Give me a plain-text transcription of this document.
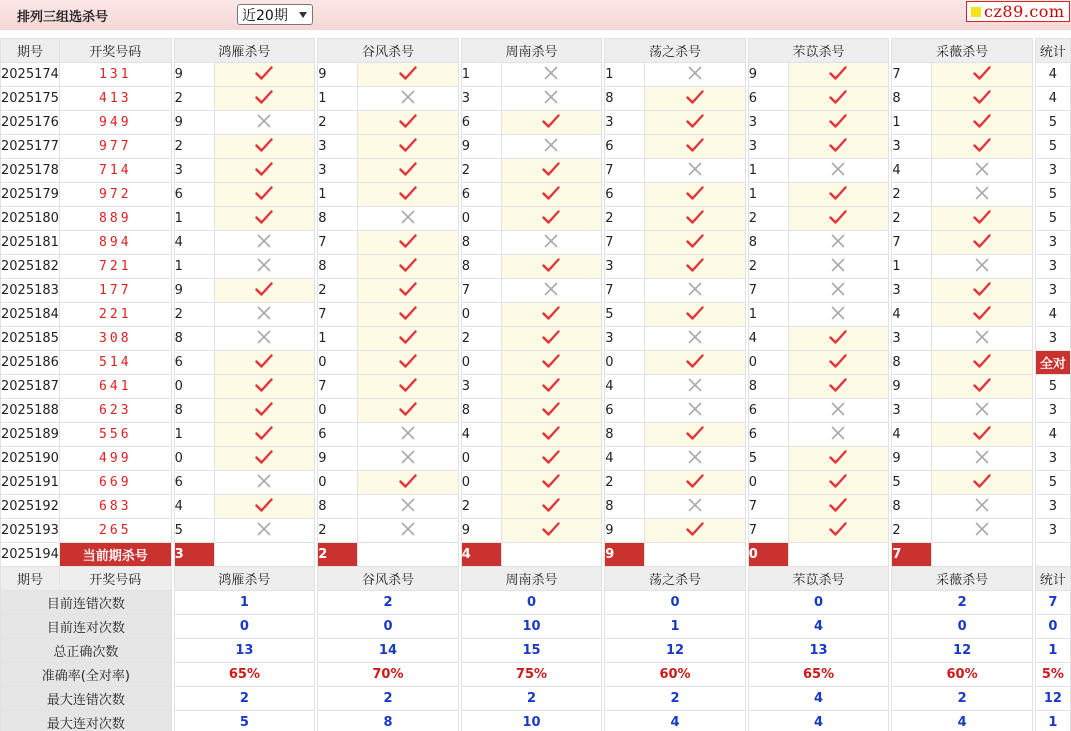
排列三组选杀号	近20期	cz89.com
期号	开奖号码		鸿雁杀号			谷风杀号			周南杀号			荡之杀号			芣苡杀号			采薇杀号			统计
2025174	131		9			9			1			1			9			7			4
2025175	413		2			1			3			8			6			8			4
2025176	949		9			2			6			3			3			1			5
2025177	977		2			3			9			6			3			3			5
2025178	714		3			3			2			7			1			4			3
2025179	972		6			1			6			6			1			2			5
2025180	889		1			8			0			2			2			2			5
2025181	894		4			7			8			7			8			7			3
2025182	721		1			8			8			3			2			1			3
2025183	177		9			2			7			7			7			3			3
2025184	221		2			7			0			5			1			4			4
2025185	308		8			1			2			3			4			3			3
2025186	514		6			0			0			0			0			8			全对
2025187	641		0			7			3			4			8			9			5
2025188	623		8			0			8			6			6			3			3
2025189	556		1			6			4			8			6			4			4
2025190	499		0			9			0			4			5			9			3
2025191	669		6			0			0			2			0			5			5
2025192	683		4			8			2			8			7			8			3
2025193	265		5			2			9			9			7			2			3
2025194	当前期杀号		3			2			4			9			0			7			
期号	开奖号码		鸿雁杀号			谷风杀号			周南杀号			荡之杀号			芣苡杀号			采薇杀号			统计
目前连错次数			1			2			0			0			0			2			7
目前连对次数			0			0			10			1			4			0			0
总正确次数			13			14			15			12			13			12			1
准确率(全对率)			65%			70%			75%			60%			65%			60%			5%
最大连错次数			2			2			2			2			4			2			12
最大连对次数			5			8			10			4			4			4			1
